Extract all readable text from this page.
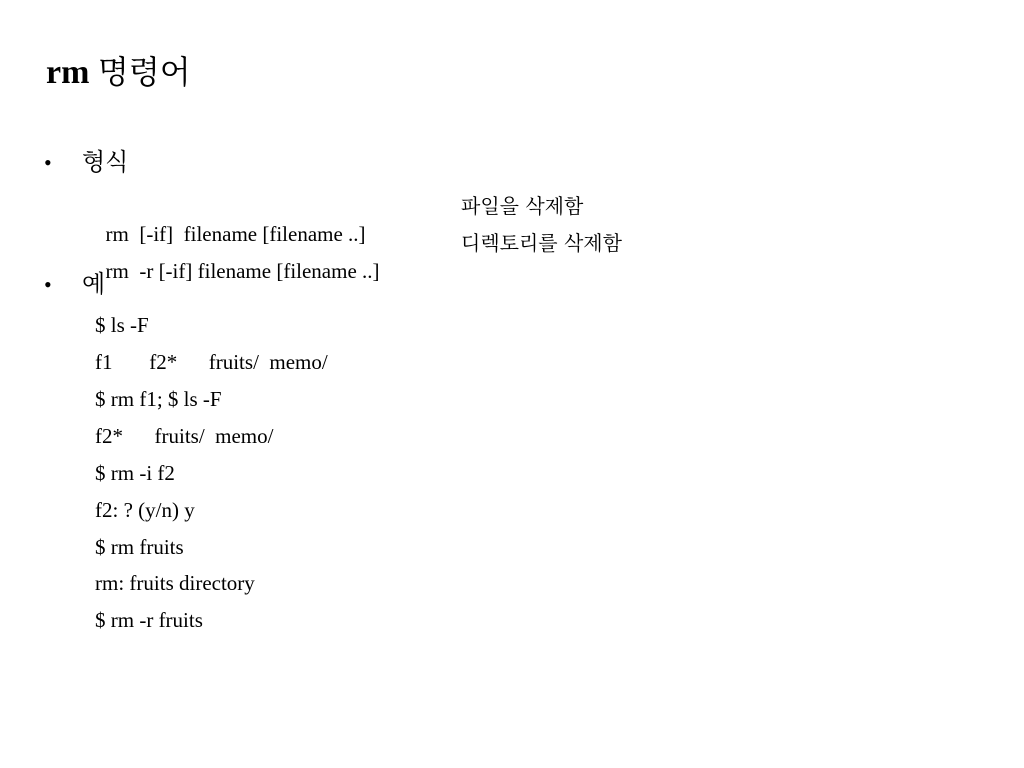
rm 명령어
• 형식

rm  [-if]  filename [filename ..]

파일을 삭제함

rm  -r [-if] filename [filename ..]

디렉토리를 삭제함

• 예
$ ls -F
f1       f2*      fruits/  memo/
$ rm f1; $ ls -F
f2*      fruits/  memo/
$ rm -i f2
f2: ? (y/n) y
$ rm fruits
rm: fruits directory
$ rm -r fruits
